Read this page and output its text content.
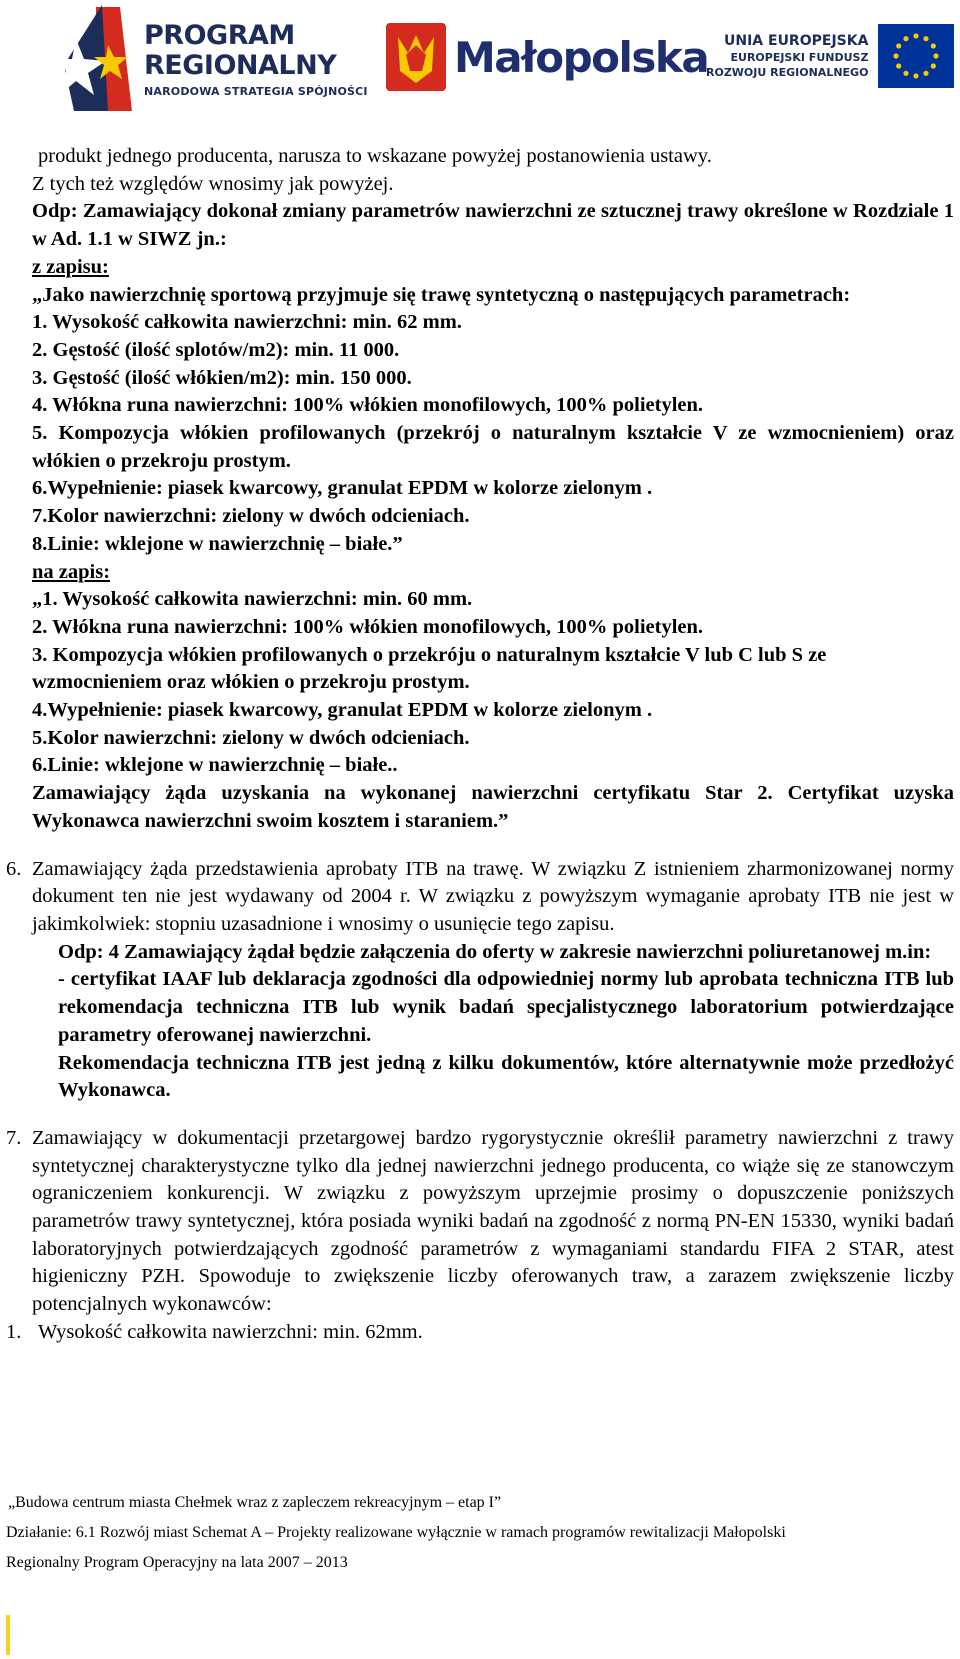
PROGRAM
REGIONALNY
NARODOWA STRATEGIA SPÓJNOŚCI
Małopolska	UNIA EUROPEJSKA
EUROPEJSKI FUNDUSZ
ROZWOJU REGIONALNEGO

produkt jednego producenta, narusza to wskazane powyżej postanowienia ustawy.

Z tych też względów wnosimy jak powyżej.

Odp: Zamawiający dokonał zmiany parametrów nawierzchni ze sztucznej trawy określone w Rozdziale 1 w Ad. 1.1 w SIWZ jn.:

z zapisu:

„Jako nawierzchnię sportową przyjmuje się trawę syntetyczną o następujących parametrach:

1. Wysokość całkowita nawierzchni: min. 62 mm.

2. Gęstość (ilość splotów/m2): min. 11 000.

3. Gęstość (ilość włókien/m2): min. 150 000.

4. Włókna runa nawierzchni: 100% włókien monofilowych, 100% polietylen.

5. Kompozycja włókien profilowanych (przekrój o naturalnym kształcie V ze wzmocnieniem) oraz włókien o przekroju prostym.

6.Wypełnienie: piasek kwarcowy, granulat EPDM w kolorze zielonym .

7.Kolor nawierzchni: zielony w dwóch odcieniach.

8.Linie: wklejone w nawierzchnię – białe.”

na zapis:

„1. Wysokość całkowita nawierzchni: min. 60 mm.

2. Włókna runa nawierzchni: 100% włókien monofilowych, 100% polietylen.

3. Kompozycja włókien profilowanych o przekróju o naturalnym kształcie V lub C lub S ze wzmocnieniem oraz włókien o przekroju prostym.

4.Wypełnienie: piasek kwarcowy, granulat EPDM w kolorze zielonym .

5.Kolor nawierzchni: zielony w dwóch odcieniach.

6.Linie: wklejone w nawierzchnię – białe..

Zamawiający żąda uzyskania na wykonanej nawierzchni certyfikatu Star 2. Certyfikat uzyska Wykonawca nawierzchni swoim kosztem i staraniem.”

6. Zamawiający żąda przedstawienia aprobaty ITB na trawę. W związku Z istnieniem zharmonizowanej normy dokument ten nie jest wydawany od 2004 r. W związku z powyższym wymaganie aprobaty ITB nie jest w jakimkolwiek: stopniu uzasadnione i wnosimy o usunięcie tego zapisu.

Odp: 4 Zamawiający żądał będzie załączenia do oferty w zakresie nawierzchni poliuretanowej m.in:

- certyfikat IAAF lub deklaracja zgodności dla odpowiedniej normy lub aprobata techniczna ITB lub rekomendacja techniczna ITB lub wynik badań specjalistycznego laboratorium potwierdzające parametry oferowanej nawierzchni.

Rekomendacja techniczna ITB jest jedną z kilku dokumentów, które alternatywnie może przedłożyć Wykonawca.

7. Zamawiający w dokumentacji przetargowej bardzo rygorystycznie określił parametry nawierzchni z trawy syntetycznej charakterystyczne tylko dla jednej nawierzchni jednego producenta, co wiąże się ze stanowczym ograniczeniem konkurencji. W związku z powyższym uprzejmie prosimy o dopuszczenie poniższych parametrów trawy syntetycznej, która posiada wyniki badań na zgodność z normą PN-EN 15330, wyniki badań laboratoryjnych potwierdzających zgodność parametrów z wymaganiami standardu FIFA 2 STAR, atest higieniczny PZH. Spowoduje to zwiększenie liczby oferowanych traw, a zarazem zwiększenie liczby potencjalnych wykonawców:

1. Wysokość całkowita nawierzchni: min. 62mm.

„Budowa centrum miasta Chełmek wraz z zapleczem rekreacyjnym – etap I”
Działanie: 6.1 Rozwój miast Schemat A – Projekty realizowane wyłącznie w ramach programów rewitalizacji Małopolski
Regionalny Program Operacyjny na lata 2007 – 2013
